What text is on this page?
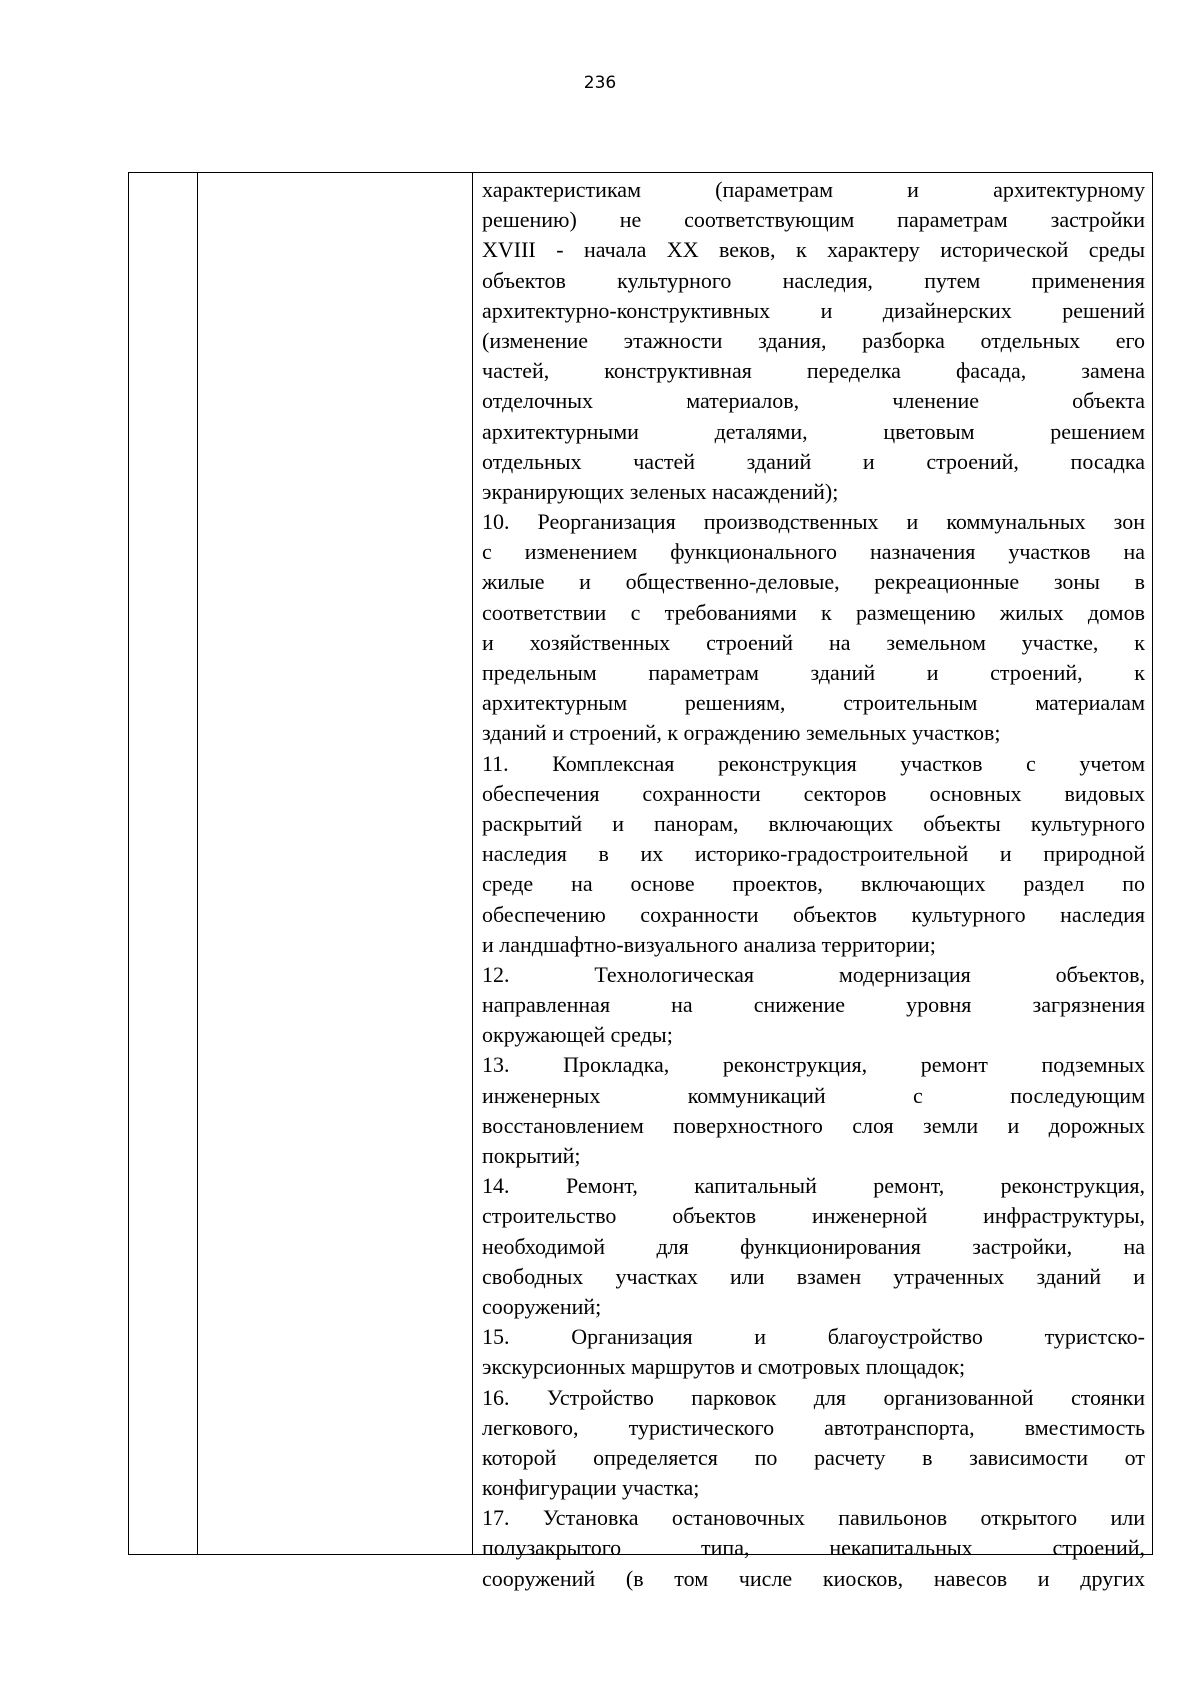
236
характеристикам (параметрам и архитектурному
решению) не соответствующим параметрам застройки
XVIII - начала XX веков, к характеру исторической среды
объектов культурного наследия, путем применения
архитектурно-конструктивных и дизайнерских решений
(изменение этажности здания, разборка отдельных его
частей, конструктивная переделка фасада, замена
отделочных материалов, членение объекта
архитектурными деталями, цветовым решением
отдельных частей зданий и строений, посадка
экранирующих зеленых насаждений);
10. Реорганизация производственных и коммунальных зон
с изменением функционального назначения участков на
жилые и общественно-деловые, рекреационные зоны в
соответствии с требованиями к размещению жилых домов
и хозяйственных строений на земельном участке, к
предельным параметрам зданий и строений, к
архитектурным решениям, строительным материалам
зданий и строений, к ограждению земельных участков;
11. Комплексная реконструкция участков с учетом
обеспечения сохранности секторов основных видовых
раскрытий и панорам, включающих объекты культурного
наследия в их историко-градостроительной и природной
среде на основе проектов, включающих раздел по
обеспечению сохранности объектов культурного наследия
и ландшафтно-визуального анализа территории;
12. Технологическая модернизация объектов,
направленная на снижение уровня загрязнения
окружающей среды;
13. Прокладка, реконструкция, ремонт подземных
инженерных коммуникаций с последующим
восстановлением поверхностного слоя земли и дорожных
покрытий;
14. Ремонт, капитальный ремонт, реконструкция,
строительство объектов инженерной инфраструктуры,
необходимой для функционирования застройки, на
свободных участках или взамен утраченных зданий и
сооружений;
15. Организация и благоустройство туристско-
экскурсионных маршрутов и смотровых площадок;
16. Устройство парковок для организованной стоянки
легкового, туристического автотранспорта, вместимость
которой определяется по расчету в зависимости от
конфигурации участка;
17. Установка остановочных павильонов открытого или
полузакрытого типа, некапитальных строений,
сооружений (в том числе киосков, навесов и других
